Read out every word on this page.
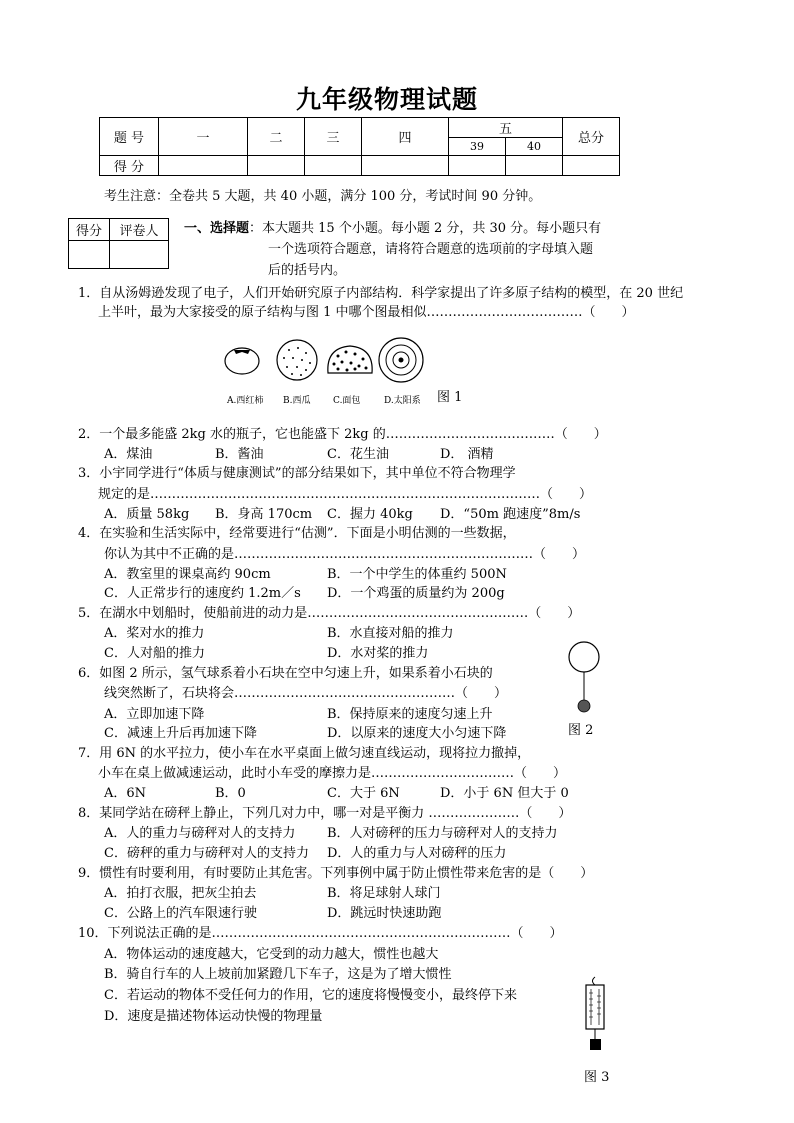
九年级物理试题
题 号	一	二	三	四	五		总分
					39	40	
得 分							
考生注意：全卷共 5 大题，共 40 小题，满分 100 分，考试时间 90 分钟。
得分	评卷人
	一、选择题：本大题共 15 个小题。每小题 2 分，共 30 分。每小题只有
一个选项符合题意，请将符合题意的选项前的字母填入题
后的括号内。
1．自从汤姆逊发现了电子，人们开始研究原子内部结构．科学家提出了许多原子结构的模型，在 20 世纪
上半叶，最为大家接受的原子结构与图 1 中哪个图最相似………………………………（　　）
A.西红柿 B.西瓜	C.面包	D.太阳系 图 1
2．一个最多能盛 2kg 水的瓶子，它也能盛下 2kg 的…………………………………（　　）
A．煤油	B．酱油	C．花生油	D． 酒精
3．小宇同学进行“体质与健康测试”的部分结果如下，其中单位不符合物理学
规定的是………………………………………………………………………………（　　）
A．质量 58kg B．身高 170cm C．握力 40kg D．“50m 跑速度”8m/s
4．在实验和生活实际中，经常要进行“估测”．下面是小明估测的一些数据，
你认为其中不正确的是……………………………………………………………（　　）
A．教室里的课桌高约 90cm	B．一个中学生的体重约 500N
C．人正常步行的速度约 1.2m／s D．一个鸡蛋的质量约为 200g
5．在湖水中划船时，使船前进的动力是……………………………………………（　　）
A．桨对水的推力	B．水直接对船的推力
C．人对船的推力	D．水对桨的推力
图 2
6．如图 2 所示，氢气球系着小石块在空中匀速上升，如果系着小石块的
线突然断了，石块将会……………………………………………（　　）
A．立即加速下降	B．保持原来的速度匀速上升
C．减速上升后再加速下降	D．以原来的速度大小匀速下降
7．用 6N 的水平拉力，使小车在水平桌面上做匀速直线运动，现将拉力撤掉，
小车在桌上做减速运动，此时小车受的摩擦力是……………………………（　　）
A．6N	B．0	C．大于 6N	D．小于 6N 但大于 0
8．某同学站在磅秤上静止，下列几对力中，哪一对是平衡力 …………………（　　）
A．人的重力与磅秤对人的支持力 B．人对磅秤的压力与磅秤对人的支持力
C．磅秤的重力与磅秤对人的支持力 D．人的重力与人对磅秤的压力
9．惯性有时要利用，有时要防止其危害。下列事例中属于防止惯性带来危害的是（　　）
A．拍打衣服，把灰尘拍去	B．将足球射人球门
C．公路上的汽车限速行驶	D．跳远时快速助跑
10．下列说法正确的是……………………………………………………………（　　）
A．物体运动的速度越大，它受到的动力越大，惯性也越大
B．骑自行车的人上坡前加紧蹬几下车子，这是为了增大惯性
C．若运动的物体不受任何力的作用，它的速度将慢慢变小，最终停下来
D．速度是描述物体运动快慢的物理量
图 3
